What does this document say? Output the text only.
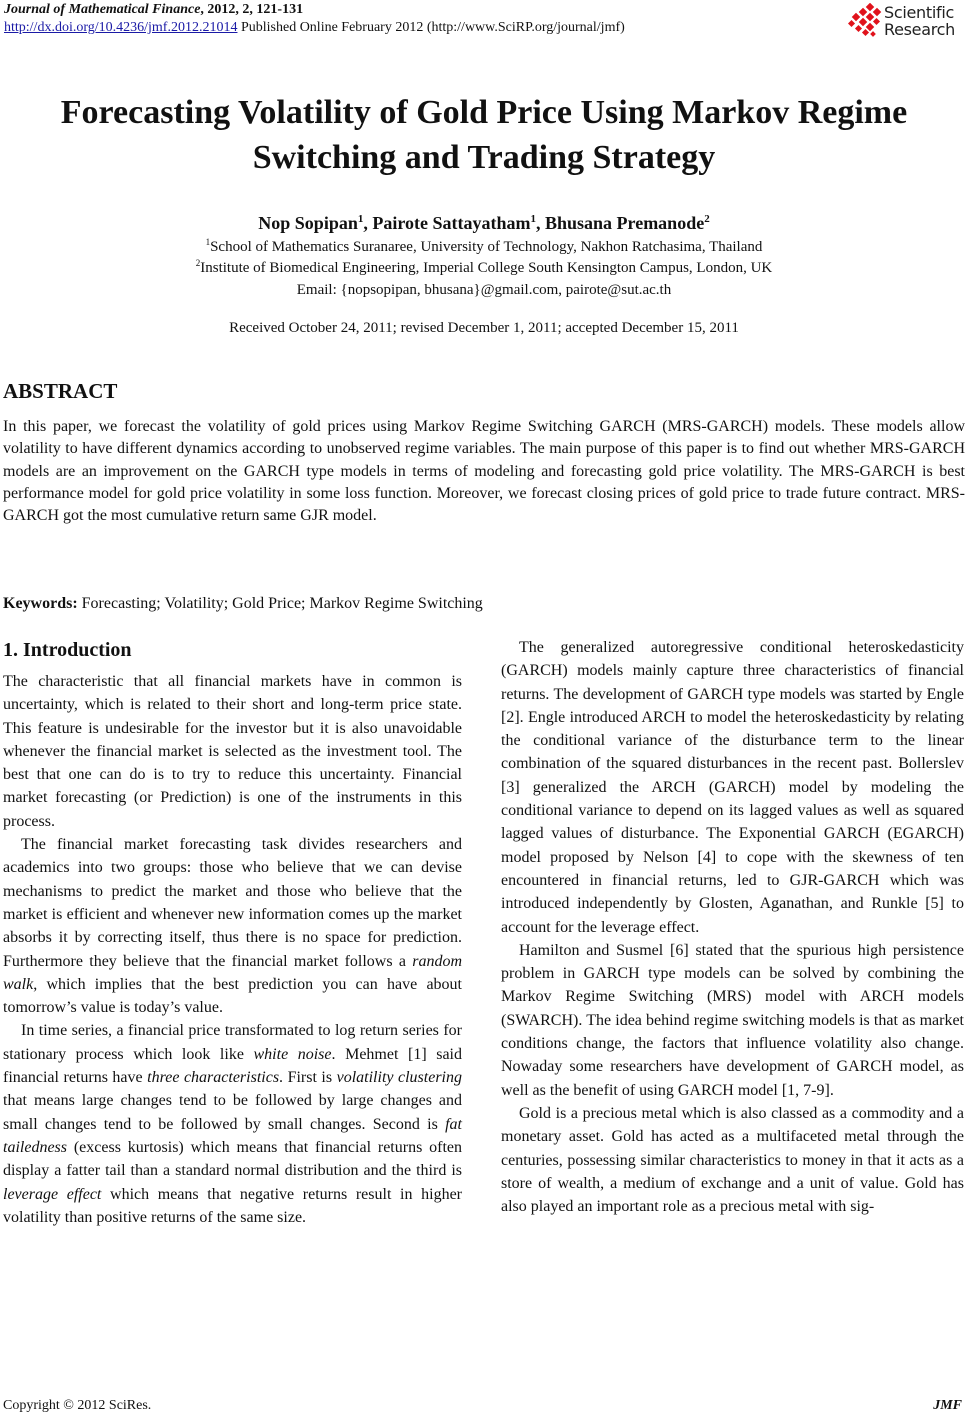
Journal of Mathematical Finance, 2012, 2, 121-131
http://dx.doi.org/10.4236/jmf.2012.21014 Published Online February 2012 (http://www.SciRP.org/journal/jmf)
Scientific
Research
Forecasting Volatility of Gold Price Using Markov Regime
Switching and Trading Strategy
Nop Sopipan$^1$, Pairote Sattayatham$^1$, Bhusana Premanode$^2$
$^1$School of Mathematics Suranaree, University of Technology, Nakhon Ratchasima, Thailand
$^2$Institute of Biomedical Engineering, Imperial College South Kensington Campus, London, UK
Email: {nopsopipan, bhusana}@gmail.com, pairote@sut.ac.th
Received October 24, 2011; revised December 1, 2011; accepted December 15, 2011
ABSTRACT
In this paper, we forecast the volatility of gold prices using Markov Regime Switching GARCH (MRS-GARCH) models. These models allow volatility to have different dynamics according to unobserved regime variables. The main purpose of this paper is to find out whether MRS-GARCH models are an improvement on the GARCH type models in terms of modeling and forecasting gold price volatility. The MRS-GARCH is best performance model for gold price volatility in some loss function. Moreover, we forecast closing prices of gold price to trade future contract. MRS-GARCH got the most cumulative return same GJR model.
Keywords: Forecasting; Volatility; Gold Price; Markov Regime Switching
1. Introduction

The characteristic that all financial markets have in common is uncertainty, which is related to their short and long-term price state. This feature is undesirable for the investor but it is also unavoidable whenever the financial market is selected as the investment tool. The best that one can do is to try to reduce this uncertainty. Financial market forecasting (or Prediction) is one of the instruments in this process.

The financial market forecasting task divides researchers and academics into two groups: those who believe that we can devise mechanisms to predict the market and those who believe that the market is efficient and whenever new information comes up the market absorbs it by correcting itself, thus there is no space for prediction. Furthermore they believe that the financial market follows a random walk, which implies that the best prediction you can have about tomorrow’s value is today’s value.

In time series, a financial price transformated to log return series for stationary process which look like white noise. Mehmet [1] said financial returns have three characteristics. First is volatility clustering that means large changes tend to be followed by large changes and small changes tend to be followed by small changes. Second is fat tailedness (excess kurtosis) which means that financial returns often display a fatter tail than a standard normal distribution and the third is leverage effect which means that negative returns result in higher volatility than positive returns of the same size.

The generalized autoregressive conditional heteroskedasticity (GARCH) models mainly capture three characteristics of financial returns. The development of GARCH type models was started by Engle [2]. Engle introduced ARCH to model the heteroskedasticity by relating the conditional variance of the disturbance term to the linear combination of the squared disturbances in the recent past. Bollerslev [3] generalized the ARCH (GARCH) model by modeling the conditional variance to depend on its lagged values as well as squared lagged values of disturbance. The Exponential GARCH (EGARCH) model proposed by Nelson [4] to cope with the skewness of ten encountered in financial returns, led to GJR-GARCH which was introduced independently by Glosten, Aganathan, and Runkle [5] to account for the leverage effect.

Hamilton and Susmel [6] stated that the spurious high persistence problem in GARCH type models can be solved by combining the Markov Regime Switching (MRS) model with ARCH models (SWARCH). The idea behind regime switching models is that as market conditions change, the factors that influence volatility also change. Nowaday some researchers have development of GARCH model, as well as the benefit of using GARCH model [1, 7-9].

Gold is a precious metal which is also classed as a commodity and a monetary asset. Gold has acted as a multifaceted metal through the centuries, possessing similar characteristics to money in that it acts as a store of wealth, a medium of exchange and a unit of value. Gold has also played an important role as a precious metal with sig-

Copyright © 2012 SciRes.	JMF
